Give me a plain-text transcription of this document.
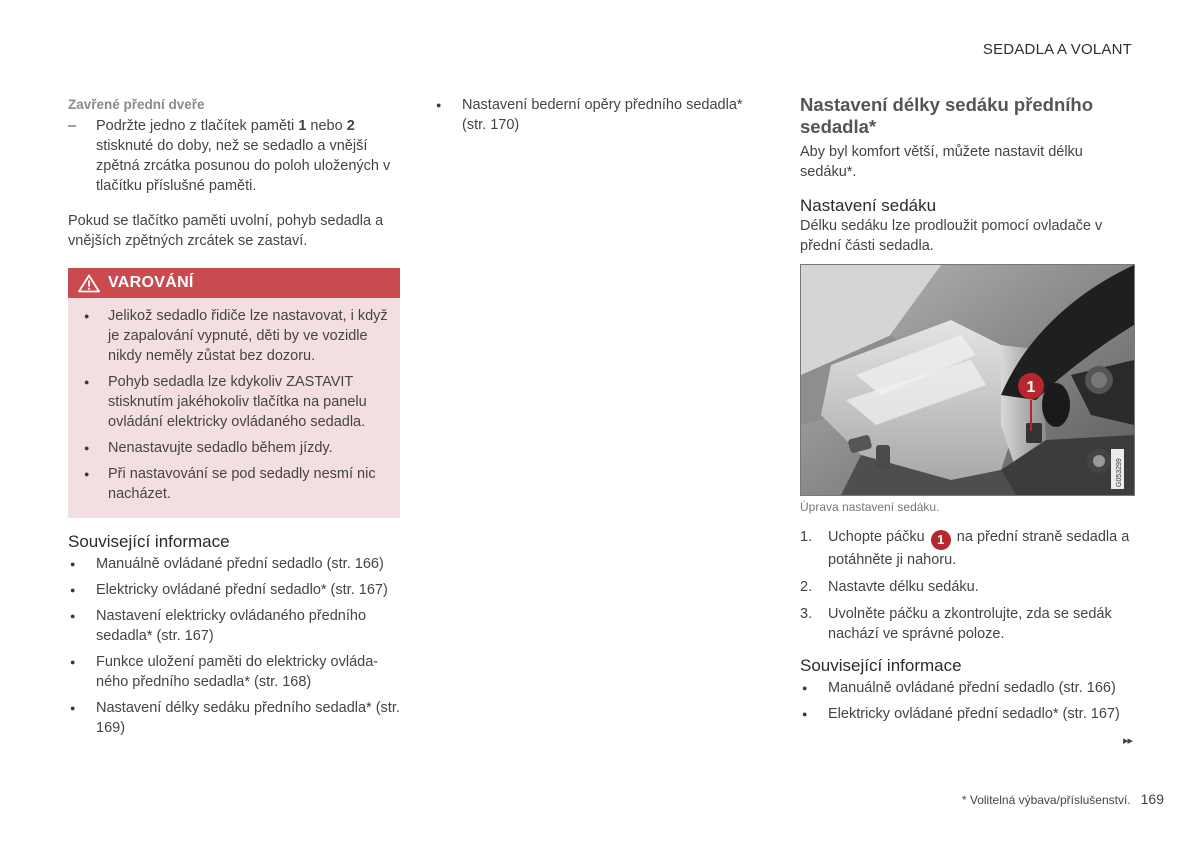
SEDADLA A VOLANT
Zavřené přední dveře
– Podržte jedno z tlačítek paměti 1 nebo 2 stisknuté do doby, než se sedadlo a vnější zpětná zrcátka posunou do poloh uložených v tlačítku příslušné paměti.

Pokud se tlačítko paměti uvolní, pohyb sedadla a vnějších zpětných zrcátek se zastaví.

VAROVÁNÍ
● Jelikož sedadlo řidiče lze nastavovat, i když je zapalování vypnuté, děti by ve vozidle nikdy neměly zůstat bez dozoru.
● Pohyb sedadla lze kdykoliv ZASTAVIT stisknutím jakéhokoliv tlačítka na panelu ovládání elektricky ovládaného sedadla.
● Nenastavujte sedadlo během jízdy.
● Při nastavování se pod sedadly nesmí nic nacházet.
Související informace
● Manuálně ovládané přední sedadlo (str. 166)
● Elektricky ovládané přední sedadlo* (str. 167)
● Nastavení elektricky ovládaného předního sedadla* (str. 167)
● Funkce uložení paměti do elektricky ovládaného předního sedadla* (str. 168)
● Nastavení délky sedáku předního sedadla* (str. 169)
● Nastavení bederní opěry předního sedadla* (str. 170)
Nastavení délky sedáku předního sedadla*

Aby byl komfort větší, můžete nastavit délku sedáku*.

Nastavení sedáku

Délku sedáku lze prodloužit pomocí ovladače v přední části sedadla.

1
G053299
Úprava nastavení sedáku.
1. Uchopte páčku 1 na přední straně sedadla a potáhněte ji nahoru.
2. Nastavte délku sedáku.
3. Uvolněte páčku a zkontrolujte, zda se sedák nachází ve správné poloze.
Související informace
● Manuálně ovládané přední sedadlo (str. 166)
● Elektricky ovládané přední sedadlo* (str. 167)
▸▸
* Volitelná výbava/příslušenství. 169
